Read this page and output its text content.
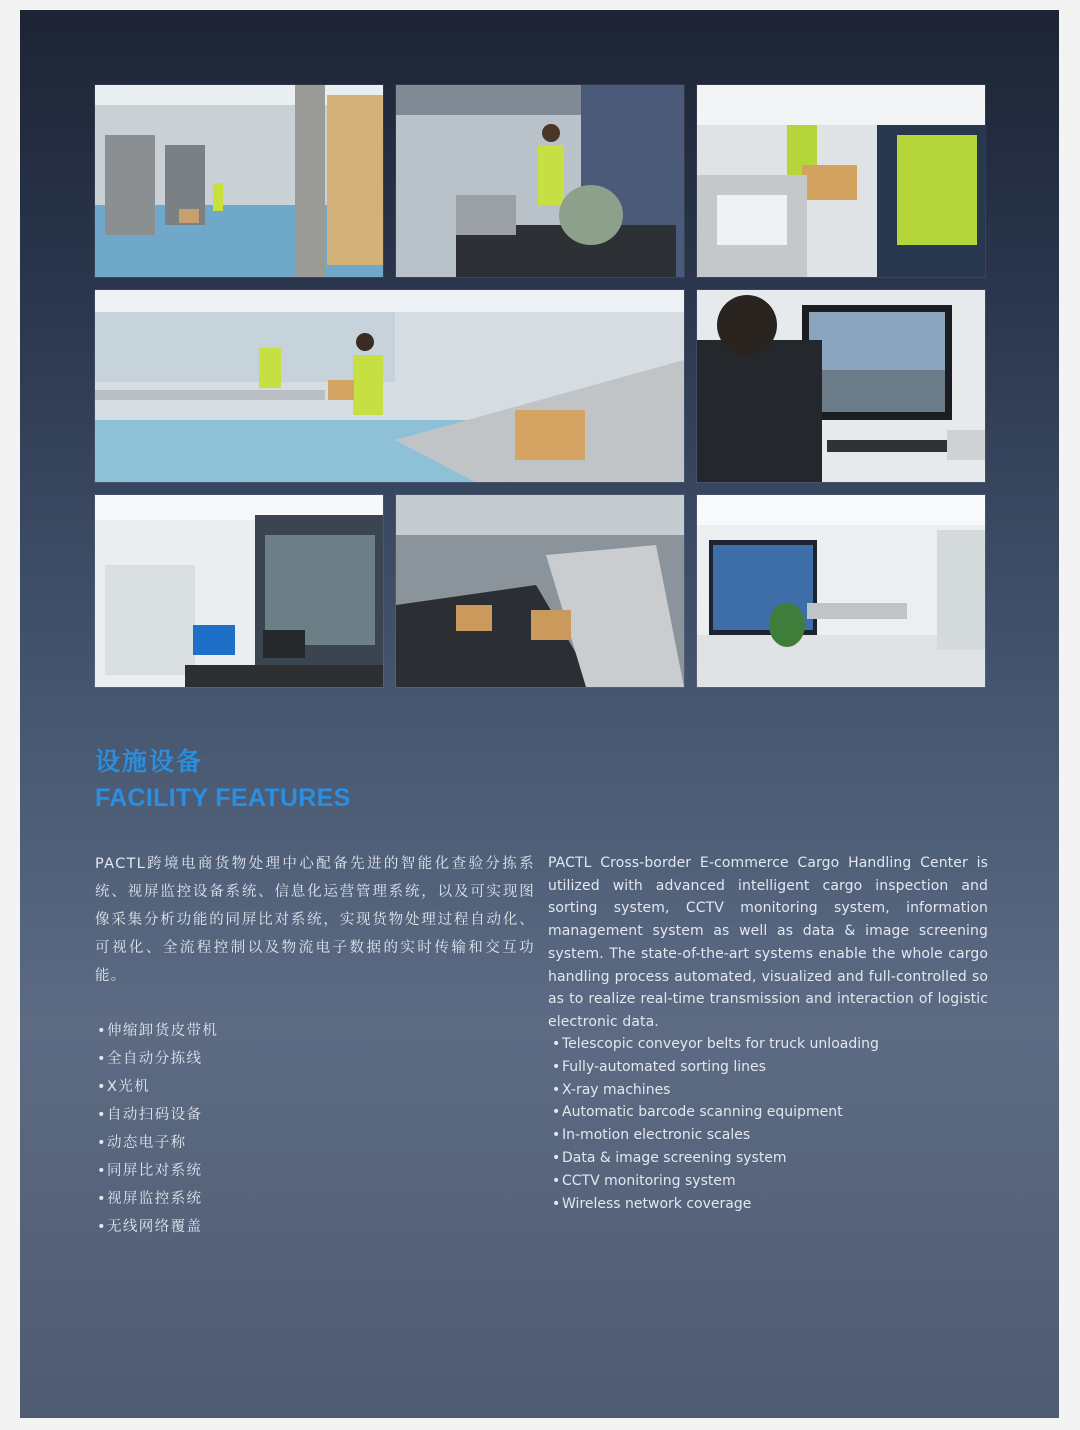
设施设备
FACILITY FEATURES

PACTL跨境电商货物处理中心配备先进的智能化查验分拣系统、视屏监控设备系统、信息化运营管理系统，以及可实现图像采集分析功能的同屏比对系统，实现货物处理过程自动化、可视化、全流程控制以及物流电子数据的实时传输和交互功能。

PACTL Cross-border E-commerce Cargo Handling Center is utilized with advanced intelligent cargo inspection and sorting system, CCTV monitoring system, information management system as well as data & image screening system. The state-of-the-art systems enable the whole cargo handling process automated, visualized and full-controlled so as to realize real-time transmission and interaction of logistic electronic data.

•伸缩卸货皮带机
•全自动分拣线
•X光机
•自动扫码设备
•动态电子称
•同屏比对系统
•视屏监控系统
•无线网络覆盖
• Telescopic conveyor belts for truck unloading
• Fully-automated sorting lines
• X-ray machines
• Automatic barcode scanning equipment
• In-motion electronic scales
• Data & image screening system
• CCTV monitoring system
• Wireless network coverage
